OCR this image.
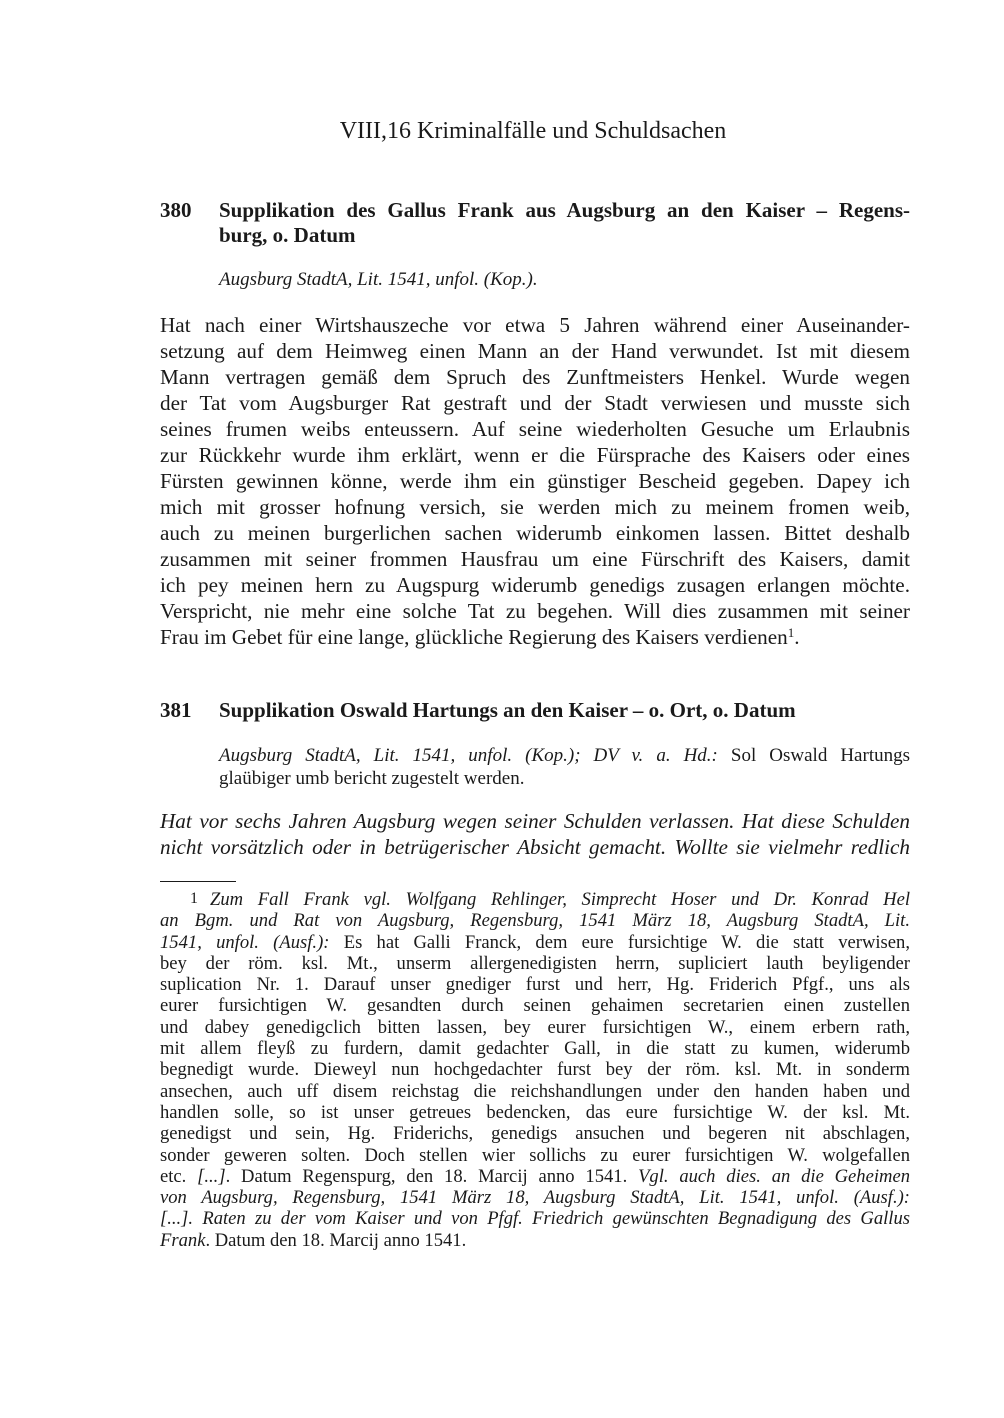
VIII,16 Kriminalfälle und Schuldsachen
380 Supplikation des Gallus Frank aus Augsburg an den Kaiser – Regens-
burg, o. Datum
Augsburg StadtA, Lit. 1541, unfol. (Kop.).
Hat nach einer Wirtshauszeche vor etwa 5 Jahren während einer Auseinander-
setzung auf dem Heimweg einen Mann an der Hand verwundet. Ist mit diesem
Mann vertragen gemäß dem Spruch des Zunftmeisters Henkel. Wurde wegen
der Tat vom Augsburger Rat gestraft und der Stadt verwiesen und musste sich
seines frumen weibs enteussern. Auf seine wiederholten Gesuche um Erlaubnis
zur Rückkehr wurde ihm erklärt, wenn er die Fürsprache des Kaisers oder eines
Fürsten gewinnen könne, werde ihm ein günstiger Bescheid gegeben. Dapey ich
mich mit grosser hofnung versich, sie werden mich zu meinem fromen weib,
auch zu meinen burgerlichen sachen widerumb einkomen lassen. Bittet deshalb
zusammen mit seiner frommen Hausfrau um eine Fürschrift des Kaisers, damit
ich pey meinen hern zu Augspurg widerumb genedigs zusagen erlangen möchte.
Verspricht, nie mehr eine solche Tat zu begehen. Will dies zusammen mit seiner
Frau im Gebet für eine lange, glückliche Regierung des Kaisers verdienen$^1$.
381 Supplikation Oswald Hartungs an den Kaiser – o. Ort, o. Datum
Augsburg StadtA, Lit. 1541, unfol. (Kop.); DV v. a. Hd.: Sol Oswald Hartungs
glaübiger umb bericht zugestelt werden.
Hat vor sechs Jahren Augsburg wegen seiner Schulden verlassen. Hat diese Schulden
nicht vorsätzlich oder in betrügerischer Absicht gemacht. Wollte sie vielmehr redlich
1 Zum Fall Frank vgl. Wolfgang Rehlinger, Simprecht Hoser und Dr. Konrad Hel
an Bgm. und Rat von Augsburg, Regensburg, 1541 März 18, Augsburg StadtA, Lit.
1541, unfol. (Ausf.): Es hat Galli Franck, dem eure fursichtige W. die statt verwisen,
bey der röm. ksl. Mt., unserm allergenedigisten herrn, supliciert lauth beyligender
suplication Nr. 1. Darauf unser gnediger furst und herr, Hg. Friderich Pfgf., uns als
eurer fursichtigen W. gesandten durch seinen gehaimen secretarien einen zustellen
und dabey genedigclich bitten lassen, bey eurer fursichtigen W., einem erbern rath,
mit allem fleyß zu furdern, damit gedachter Gall, in die statt zu kumen, widerumb
begnedigt wurde. Dieweyl nun hochgedachter furst bey der röm. ksl. Mt. in sonderm
ansechen, auch uff disem reichstag die reichshandlungen under den handen haben und
handlen solle, so ist unser getreues bedencken, das eure fursichtige W. der ksl. Mt.
genedigst und sein, Hg. Friderichs, genedigs ansuchen und begeren nit abschlagen,
sonder geweren solten. Doch stellen wier sollichs zu eurer fursichtigen W. wolgefallen
etc. [...]. Datum Regenspurg, den 18. Marcij anno 1541. Vgl. auch dies. an die Geheimen
von Augsburg, Regensburg, 1541 März 18, Augsburg StadtA, Lit. 1541, unfol. (Ausf.):
[...]. Raten zu der vom Kaiser und von Pfgf. Friedrich gewünschten Begnadigung des Gallus
Frank. Datum den 18. Marcij anno 1541.
